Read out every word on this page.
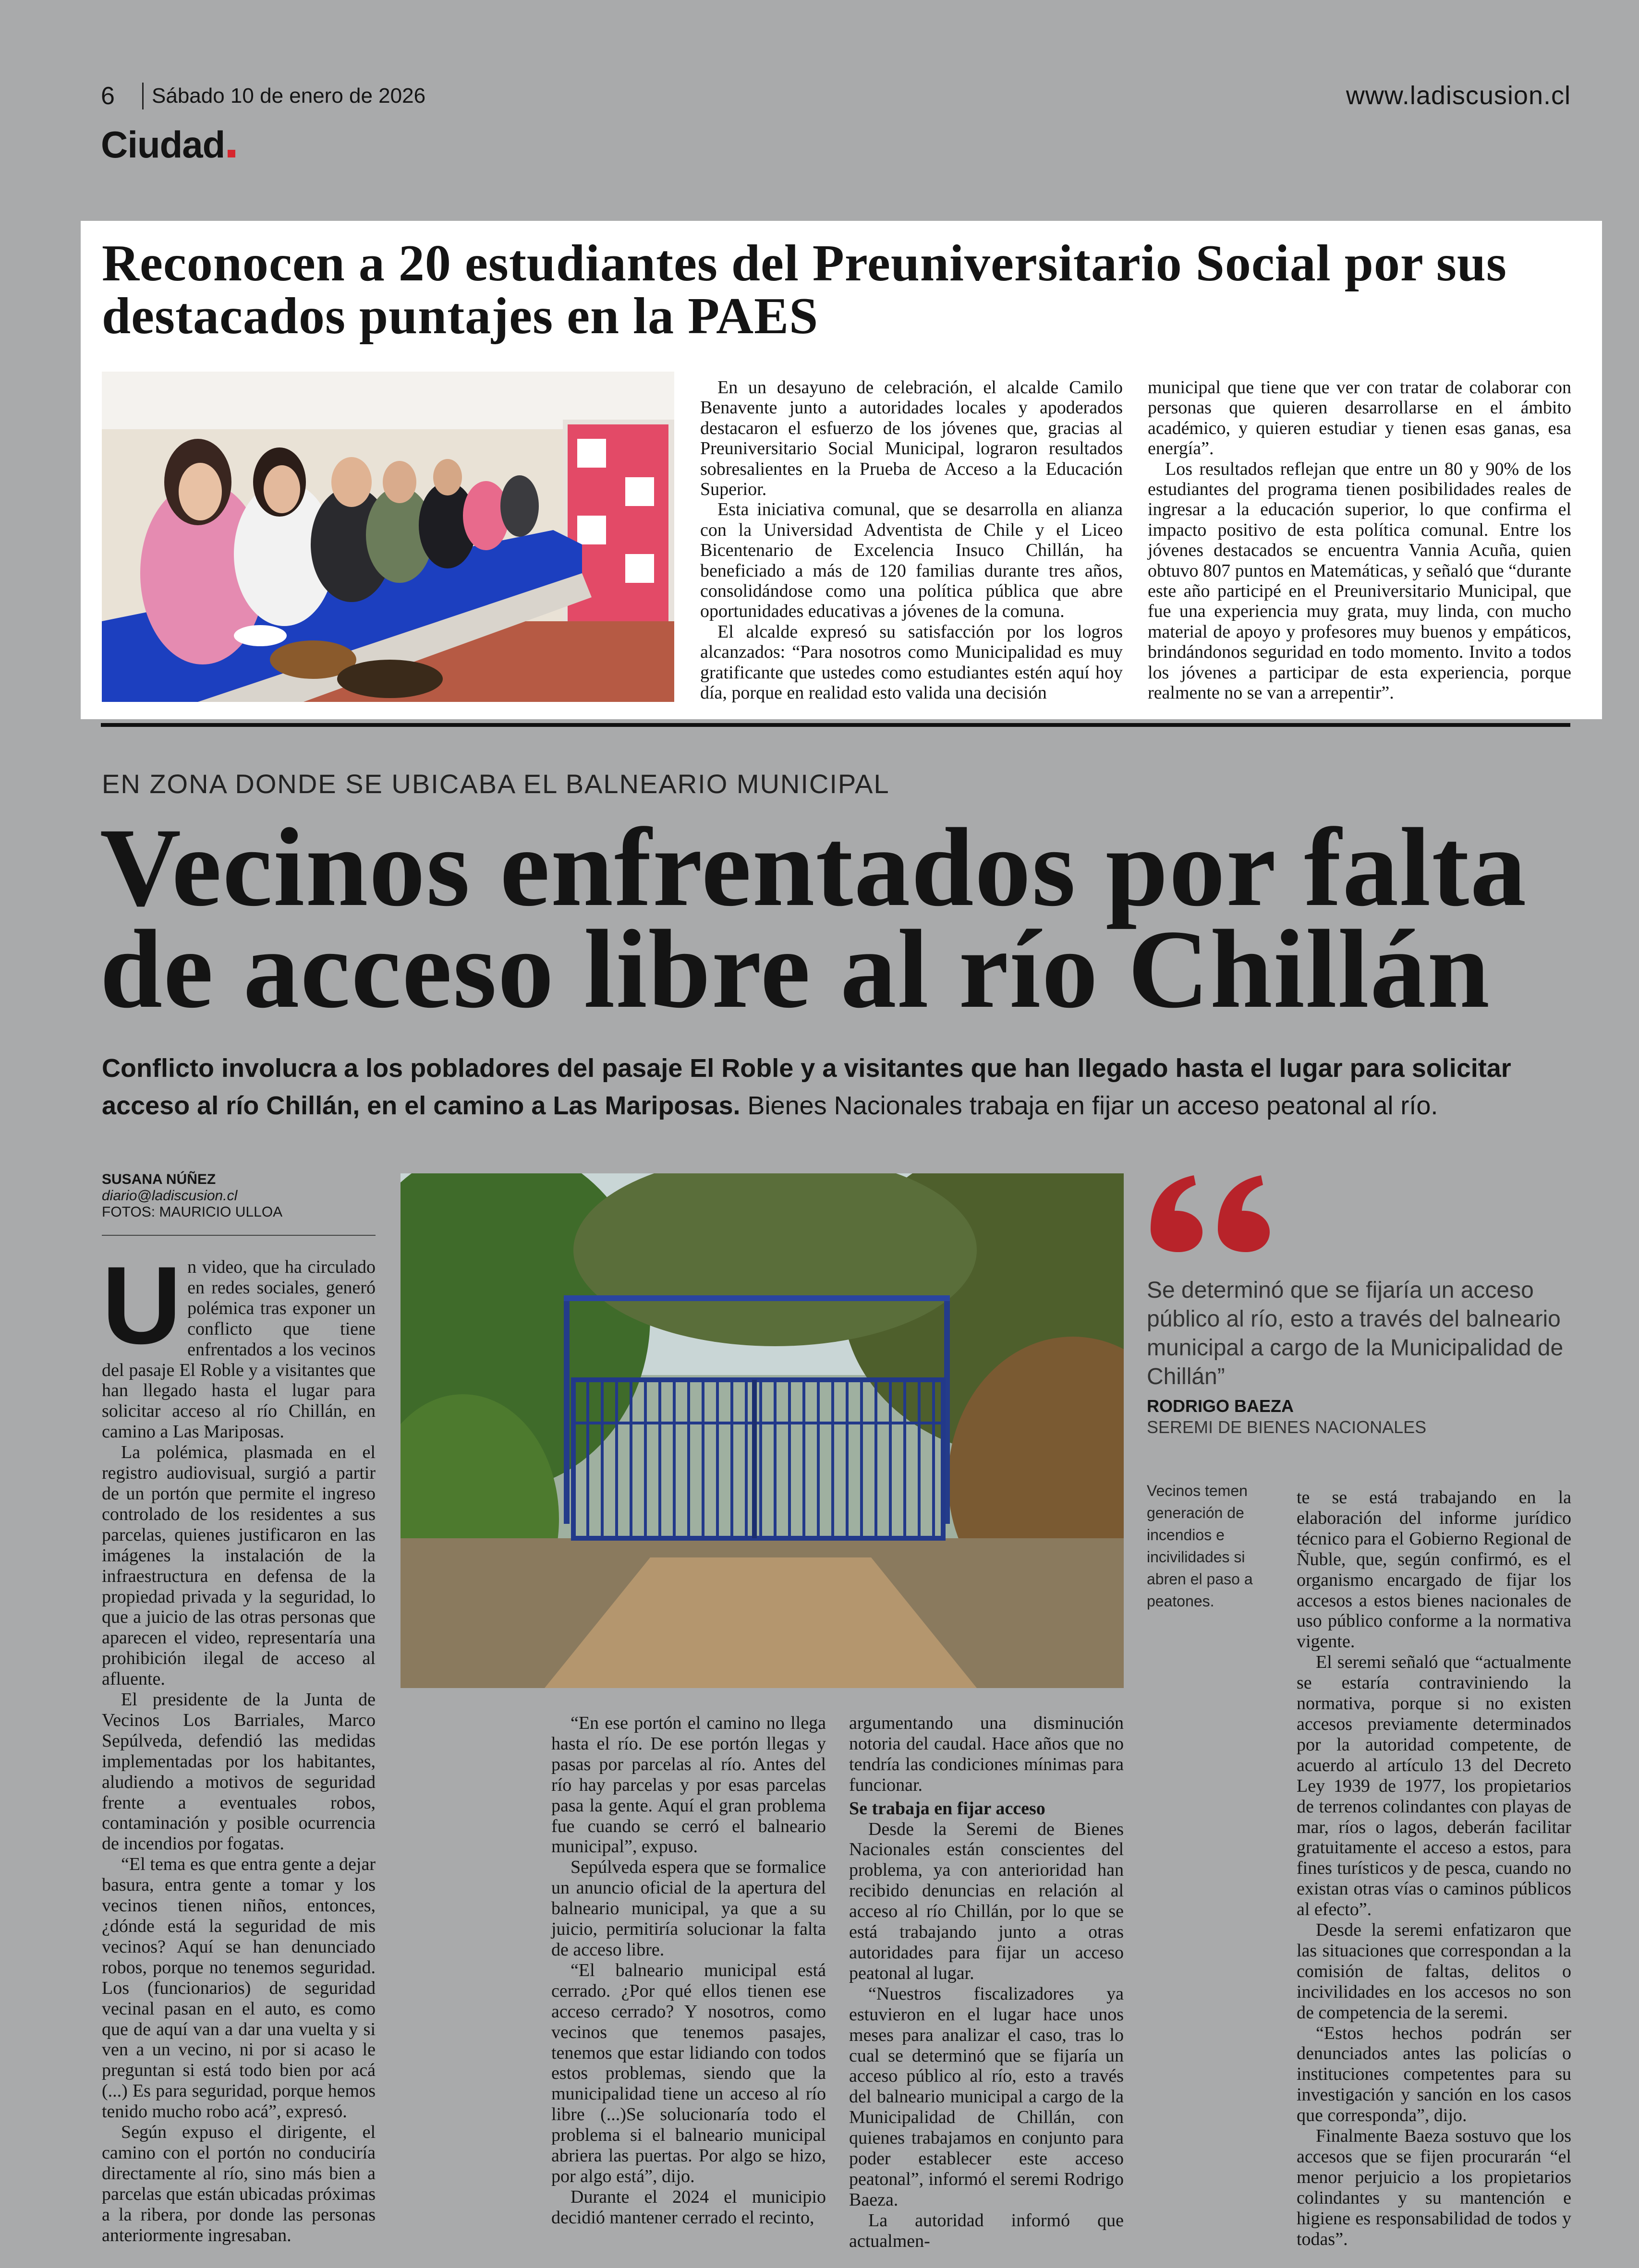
6 Sábado 10 de enero de 2026	www.ladiscusion.cl
Ciudad
Reconocen a 20 estudiantes del Preuniversitario Social por sus destacados puntajes en la PAES

En un desayuno de celebración, el alcalde Camilo Benavente junto a autoridades locales y apoderados destacaron el esfuerzo de los jóvenes que, gracias al Preuniversitario Social Municipal, lograron resultados sobresalientes en la Prueba de Acceso a la Educación Superior.

Esta iniciativa comunal, que se desarrolla en alianza con la Universidad Adventista de Chile y el Liceo Bicentenario de Excelencia Insuco Chillán, ha beneficiado a más de 120 familias durante tres años, consolidándose como una política pública que abre oportunidades educativas a jóvenes de la comuna.

El alcalde expresó su satisfacción por los logros alcanzados: “Para nosotros como Municipalidad es muy gratificante que ustedes como estudiantes estén aquí hoy día, porque en realidad esto valida una decisión

municipal que tiene que ver con tratar de colaborar con personas que quieren desarrollarse en el ámbito académico, y quieren estudiar y tienen esas ganas, esa energía”.

Los resultados reflejan que entre un 80 y 90% de los estudiantes del programa tienen posibilidades reales de ingresar a la educación superior, lo que confirma el impacto positivo de esta política comunal. Entre los jóvenes destacados se encuentra Vannia Acuña, quien obtuvo 807 puntos en Matemáticas, y señaló que “durante este año participé en el Preuniversitario Municipal, que fue una experiencia muy grata, muy linda, con mucho material de apoyo y profesores muy buenos y empáticos, brindándonos seguridad en todo momento. Invito a todos los jóvenes a participar de esta experiencia, porque realmente no se van a arrepentir”.

EN ZONA DONDE SE UBICABA EL BALNEARIO MUNICIPAL
Vecinos enfrentados por falta de acceso libre al río Chillán
Conflicto involucra a los pobladores del pasaje El Roble y a visitantes que han llegado hasta el lugar para solicitar acceso al río Chillán, en el camino a Las Mariposas. Bienes Nacionales trabaja en fijar un acceso peatonal al río.
SUSANA NÚÑEZ
diario@ladiscusion.cl
FOTOS: MAURICIO ULLOA
U n video, que ha circulado en redes sociales, generó polémica tras exponer un conflicto que tiene enfrentados a los vecinos del pasaje El Roble y a visitantes que han llegado hasta el lugar para solicitar acceso al río Chillán, en camino a Las Mariposas.

La polémica, plasmada en el registro audiovisual, surgió a partir de un portón que permite el ingreso controlado de los residentes a sus parcelas, quienes justificaron en las imágenes la instalación de la infraestructura en defensa de la propiedad privada y la seguridad, lo que a juicio de las otras personas que aparecen el video, representaría una prohibición ilegal de acceso al afluente.

El presidente de la Junta de Vecinos Los Barriales, Marco Sepúlveda, defendió las medidas implementadas por los habitantes, aludiendo a motivos de seguridad frente a eventuales robos, contaminación y posible ocurrencia de incendios por fogatas.

“El tema es que entra gente a dejar basura, entra gente a tomar y los vecinos tienen niños, entonces, ¿dónde está la seguridad de mis vecinos? Aquí se han denunciado robos, porque no tenemos seguridad. Los (funcionarios) de seguridad vecinal pasan en el auto, es como que de aquí van a dar una vuelta y si ven a un vecino, ni por si acaso le preguntan si está todo bien por acá (...) Es para seguridad, porque hemos tenido mucho robo acá”, expresó.

Según expuso el dirigente, el camino con el portón no conduciría directamente al río, sino más bien a parcelas que están ubicadas próximas a la ribera, por donde las personas anteriormente ingresaban.

“En ese portón el camino no llega hasta el río. De ese portón llegas y pasas por parcelas al río. Antes del río hay parcelas y por esas parcelas pasa la gente. Aquí el gran problema fue cuando se cerró el balneario municipal”, expuso.

Sepúlveda espera que se formalice un anuncio oficial de la apertura del balneario municipal, ya que a su juicio, permitiría solucionar la falta de acceso libre.

“El balneario municipal está cerrado. ¿Por qué ellos tienen ese acceso cerrado? Y nosotros, como vecinos que tenemos pasajes, tenemos que estar lidiando con todos estos problemas, siendo que la municipalidad tiene un acceso al río libre (...)Se solucionaría todo el problema si el balneario municipal abriera las puertas. Por algo se hizo, por algo está”, dijo.

Durante el 2024 el municipio decidió mantener cerrado el recinto,

argumentando una disminución notoria del caudal. Hace años que no tendría las condiciones mínimas para funcionar.

Se trabaja en fijar acceso

Desde la Seremi de Bienes Nacionales están conscientes del problema, ya con anterioridad han recibido denuncias en relación al acceso al río Chillán, por lo que se está trabajando junto a otras autoridades para fijar un acceso peatonal al lugar.

“Nuestros fiscalizadores ya estuvieron en el lugar hace unos meses para analizar el caso, tras lo cual se determinó que se fijaría un acceso público al río, esto a través del balneario municipal a cargo de la Municipalidad de Chillán, con quienes trabajamos en conjunto para poder establecer este acceso peatonal”, informó el seremi Rodrigo Baeza.

La autoridad informó que actualmen-

te se está trabajando en la elaboración del informe jurídico técnico para el Gobierno Regional de Ñuble, que, según confirmó, es el organismo encargado de fijar los accesos a estos bienes nacionales de uso público conforme a la normativa vigente.

El seremi señaló que “actualmente se estaría contraviniendo la normativa, porque si no existen accesos previamente determinados por la autoridad competente, de acuerdo al artículo 13 del Decreto Ley 1939 de 1977, los propietarios de terrenos colindantes con playas de mar, ríos o lagos, deberán facilitar gratuitamente el acceso a estos, para fines turísticos y de pesca, cuando no existan otras vías o caminos públicos al efecto”.

Desde la seremi enfatizaron que las situaciones que correspondan a la comisión de faltas, delitos o incivilidades en los accesos no son de competencia de la seremi.

“Estos hechos podrán ser denunciados antes las policías o instituciones competentes para su investigación y sanción en los casos que corresponda”, dijo.

Finalmente Baeza sostuvo que los accesos que se fijen procurarán “el menor perjuicio a los propietarios colindantes y su mantención e higiene es responsabilidad de todos y todas”.

Vecinos temen generación de incendios e incivilidades si abren el paso a peatones.
Se determinó que se fijaría un acceso público al río, esto a través del balneario municipal a cargo de la Municipalidad de Chillán”
RODRIGO BAEZA
SEREMI DE BIENES NACIONALES
